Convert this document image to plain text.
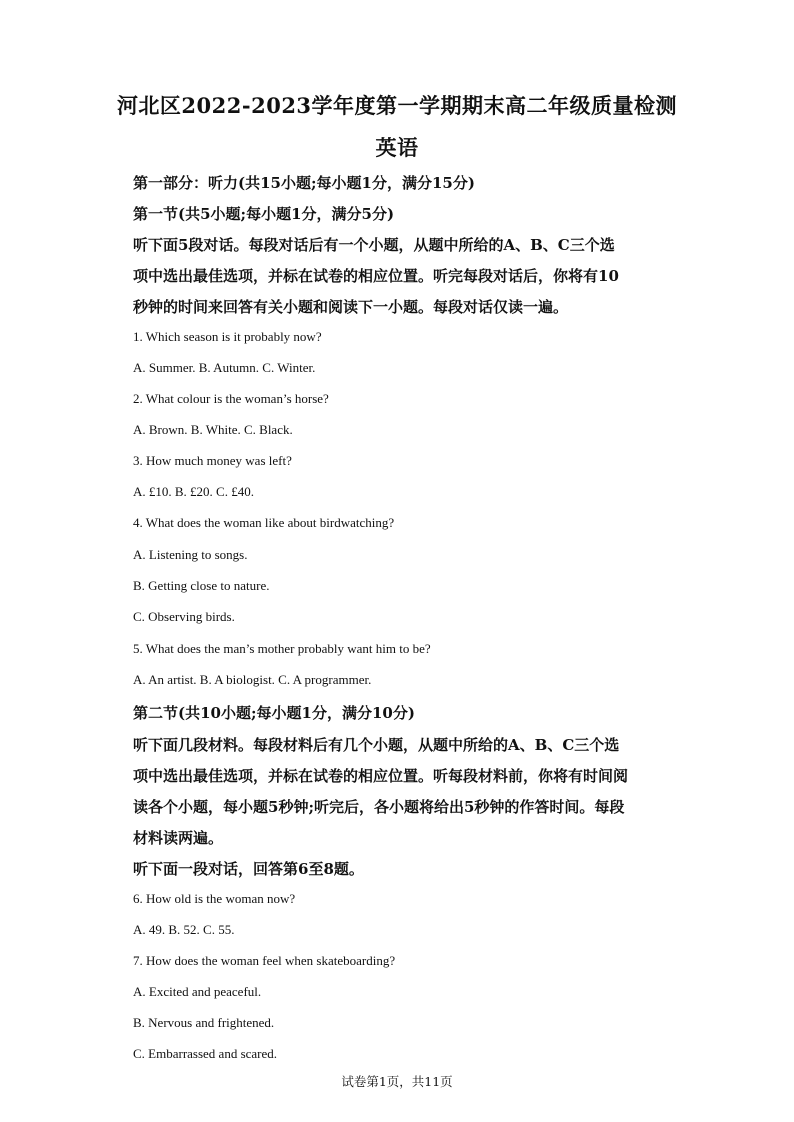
河北区2022-2023学年度第一学期期末高二年级质量检测
英语
第一部分：听力(共15小题;每小题1分，满分15分)
第一节(共5小题;每小题1分，满分5分)
听下面5段对话。每段对话后有一个小题，从题中所给的A、B、C三个选
项中选出最佳选项，并标在试卷的相应位置。听完每段对话后，你将有10
秒钟的时间来回答有关小题和阅读下一小题。每段对话仅读一遍。
1. Which season is it probably now?
A. Summer. B. Autumn. C. Winter.
2. What colour is the woman’s horse?
A. Brown. B. White. C. Black.
3. How much money was left?
A. £10. B. £20. C. £40.
4. What does the woman like about birdwatching?
A. Listening to songs.
B. Getting close to nature.
C. Observing birds.
5. What does the man’s mother probably want him to be?
A. An artist. B. A biologist. C. A programmer.
第二节(共10小题;每小题1分，满分10分)
听下面几段材料。每段材料后有几个小题，从题中所给的A、B、C三个选
项中选出最佳选项，并标在试卷的相应位置。听每段材料前，你将有时间阅
读各个小题，每小题5秒钟;听完后，各小题将给出5秒钟的作答时间。每段
材料读两遍。
听下面一段对话，回答第6至8题。
6. How old is the woman now?
A. 49. B. 52. C. 55.
7. How does the woman feel when skateboarding?
A. Excited and peaceful.
B. Nervous and frightened.
C. Embarrassed and scared.
试卷第1页，共11页
